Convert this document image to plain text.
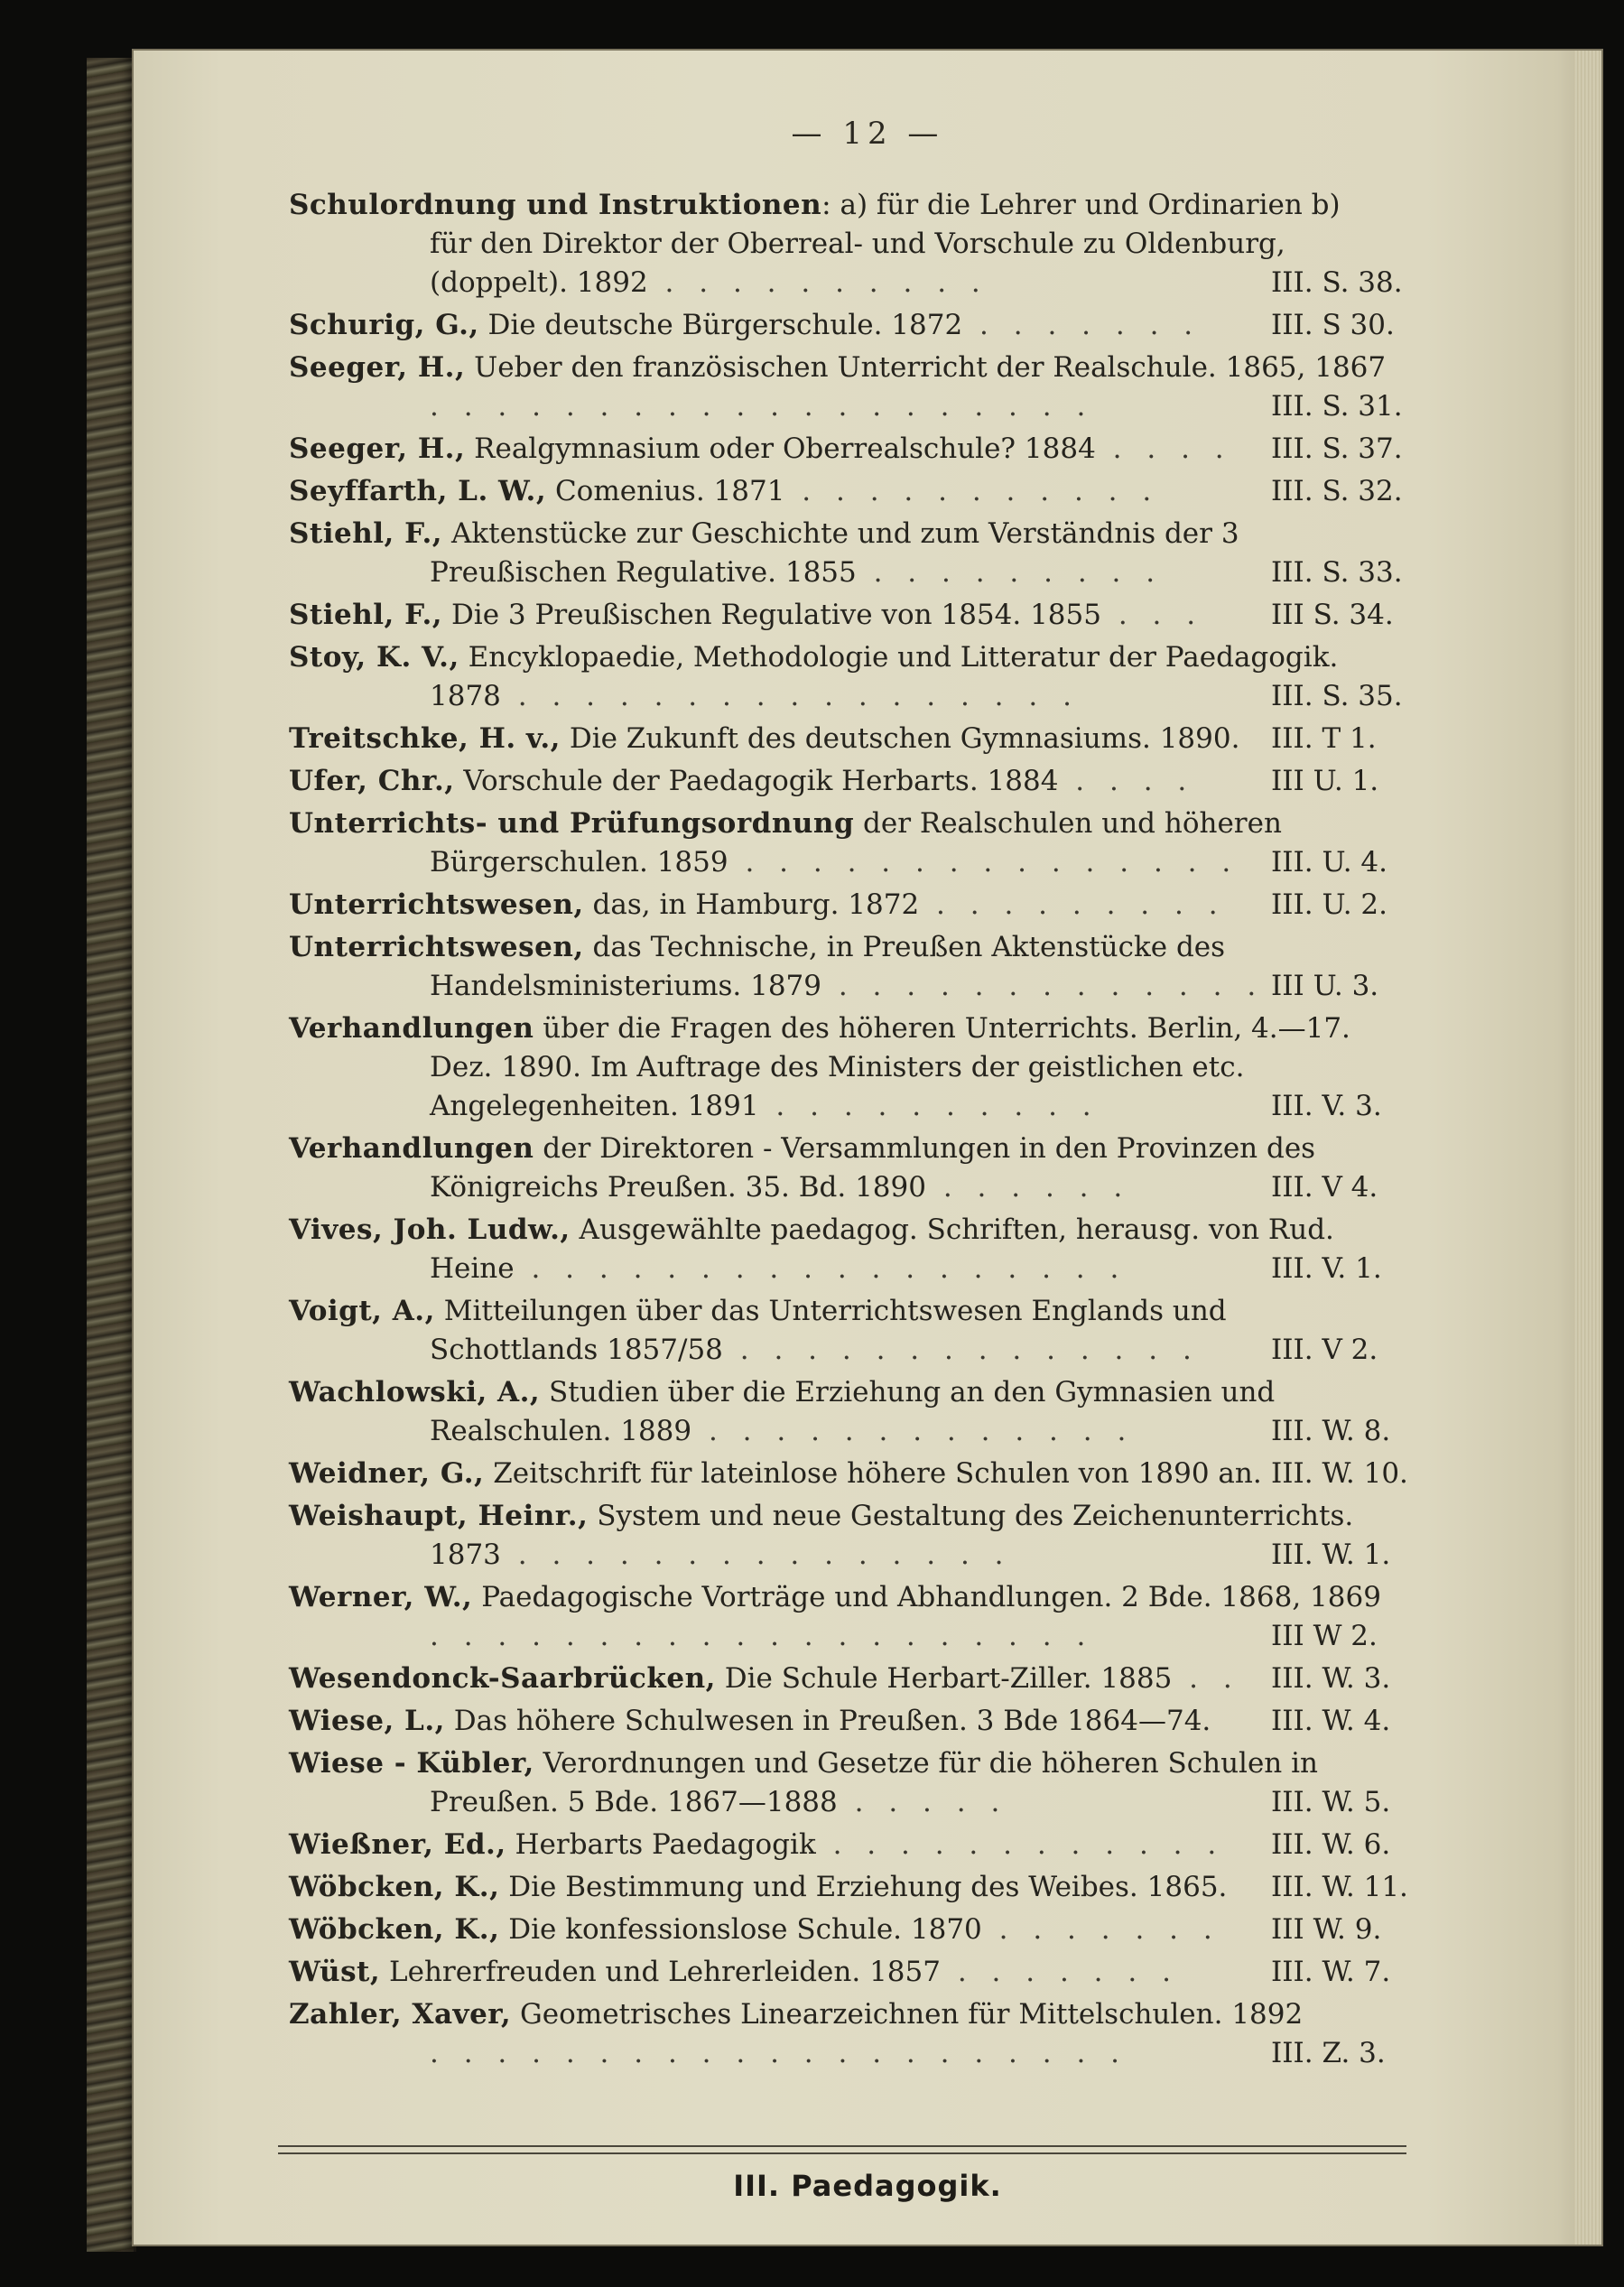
— 12 —
Schulordnung und Instruktionen: a) für die Lehrer und Ordinarien b) für den Direktor der Oberreal- und Vorschule zu Oldenburg, (doppelt). 1892 . . . . . . . . . .	III. S. 38.
Schurig, G., Die deutsche Bürgerschule. 1872 . . . . . . .	III. S 30.
Seeger, H., Ueber den französischen Unterricht der Realschule. 1865, 1867 . . . . . . . . . . . . . . . . . . . .	III. S. 31.
Seeger, H., Realgymnasium oder Oberrealschule? 1884 . . . .	III. S. 37.
Seyffarth, L. W., Comenius. 1871 . . . . . . . . . . .	III. S. 32.
Stiehl, F., Aktenstücke zur Geschichte und zum Verständnis der 3 Preußischen Regulative. 1855 . . . . . . . . .	III. S. 33.
Stiehl, F., Die 3 Preußischen Regulative von 1854. 1855 . . .	III S. 34.
Stoy, K. V., Encyklopaedie, Methodologie und Litteratur der Paedagogik. 1878 . . . . . . . . . . . . . . . . .	III. S. 35.
Treitschke, H. v., Die Zukunft des deutschen Gymnasiums. 1890.	III. T 1.
Ufer, Chr., Vorschule der Paedagogik Herbarts. 1884 . . . .	III U. 1.
Unterrichts- und Prüfungsordnung der Realschulen und höheren Bürgerschulen. 1859 . . . . . . . . . . . . . . .	III. U. 4.
Unterrichtswesen, das, in Hamburg. 1872 . . . . . . . . .	III. U. 2.
Unterrichtswesen, das Technische, in Preußen Aktenstücke des Handelsministeriums. 1879 . . . . . . . . . . . . . III U. 3.
Verhandlungen über die Fragen des höheren Unterrichts. Berlin, 4.—17. Dez. 1890. Im Auftrage des Ministers der geistlichen etc. Angelegenheiten. 1891 . . . . . . . . . .	III. V. 3.
Verhandlungen der Direktoren - Versammlungen in den Provinzen des Königreichs Preußen. 35. Bd. 1890 . . . . . .	III. V 4.
Vives, Joh. Ludw., Ausgewählte paedagog. Schriften, herausg. von Rud. Heine . . . . . . . . . . . . . . . . . .	III. V. 1.
Voigt, A., Mitteilungen über das Unterrichtswesen Englands und Schottlands 1857/58 . . . . . . . . . . . . . .	III. V 2.
Wachlowski, A., Studien über die Erziehung an den Gymnasien und Realschulen. 1889 . . . . . . . . . . . . .	III. W. 8.
Weidner, G., Zeitschrift für lateinlose höhere Schulen von 1890 an. III. W. 10.
Weishaupt, Heinr., System und neue Gestaltung des Zeichenunterrichts. 1873 . . . . . . . . . . . . . . .	III. W. 1.
Werner, W., Paedagogische Vorträge und Abhandlungen. 2 Bde. 1868, 1869 . . . . . . . . . . . . . . . . . . . .	III W 2.
Wesendonck-Saarbrücken, Die Schule Herbart-Ziller. 1885 . .	III. W. 3.
Wiese, L., Das höhere Schulwesen in Preußen. 3 Bde 1864—74.	III. W. 4.
Wiese - Kübler, Verordnungen und Gesetze für die höheren Schulen in Preußen. 5 Bde. 1867—1888 . . . . .	III. W. 5.
Wießner, Ed., Herbarts Paedagogik . . . . . . . . . . . .	III. W. 6.
Wöbcken, K., Die Bestimmung und Erziehung des Weibes. 1865.	III. W. 11.
Wöbcken, K., Die konfessionslose Schule. 1870 . . . . . . .	III W. 9.
Wüst, Lehrerfreuden und Lehrerleiden. 1857 . . . . . . .	III. W. 7.
Zahler, Xaver, Geometrisches Linearzeichnen für Mittelschulen. 1892 . . . . . . . . . . . . . . . . . . . . .	III. Z. 3.
III. Paedagogik.
